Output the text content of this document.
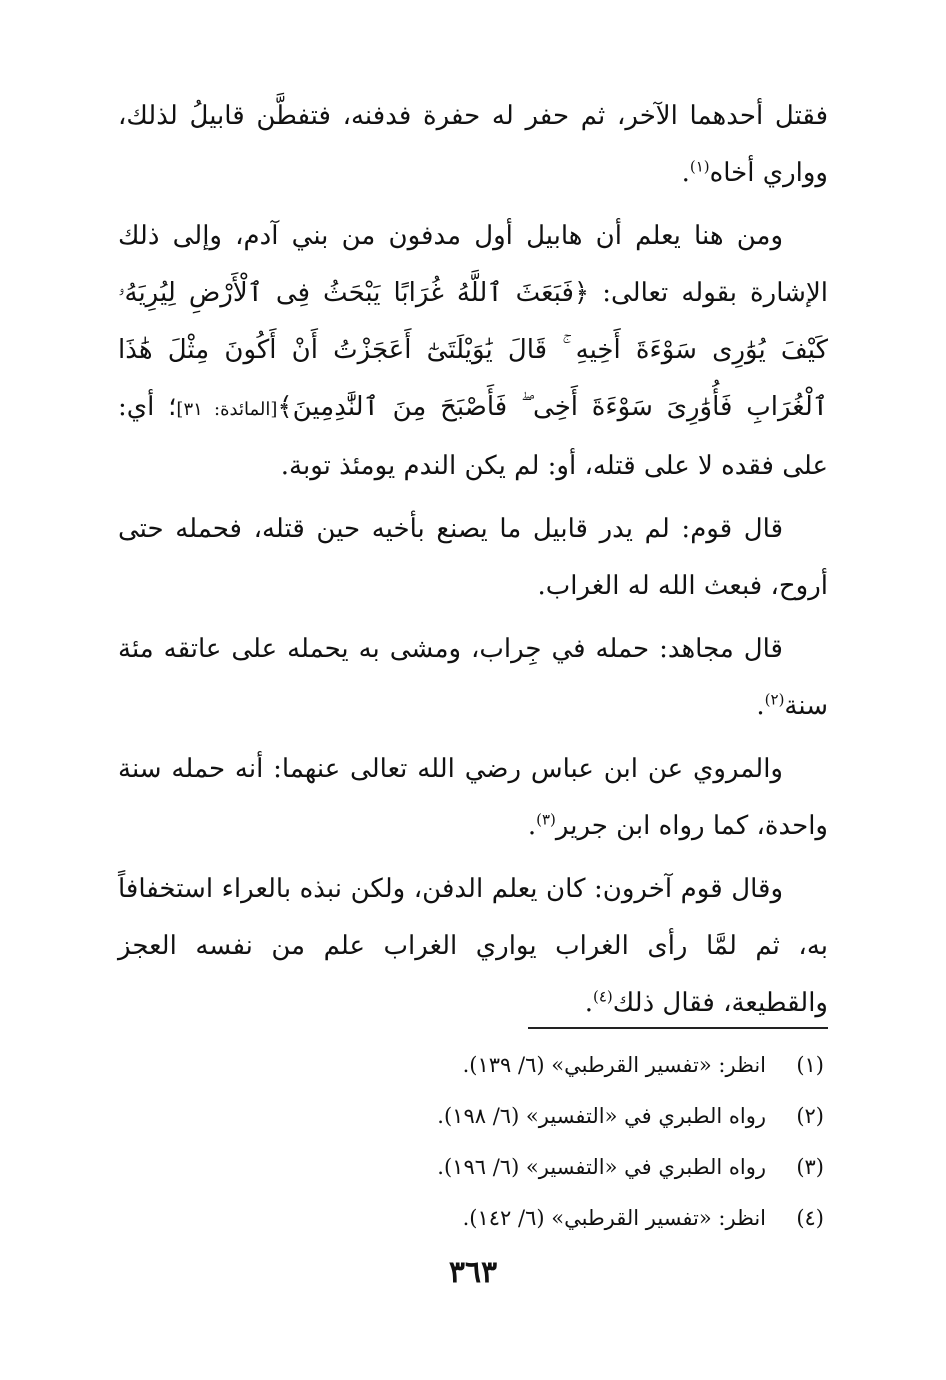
فقتل أحدهما الآخر، ثم حفر له حفرة فدفنه، فتفطَّن قابيلُ لذلك، وواري أخاه$^{(١)}$.

ومن هنا يعلم أن هابيل أول مدفون من بني آدم، وإلى ذلك الإشارة بقوله تعالى: ﴿فَبَعَثَ ٱللَّهُ غُرَابًا يَبْحَثُ فِى ٱلْأَرْضِ لِيُرِيَهُۥ كَيْفَ يُوَٰرِى سَوْءَةَ أَخِيهِ ۚ قَالَ يَٰوَيْلَتَىٰٓ أَعَجَزْتُ أَنْ أَكُونَ مِثْلَ هَٰذَا ٱلْغُرَابِ فَأُوَٰرِىَ سَوْءَةَ أَخِى ۖ فَأَصْبَحَ مِنَ ٱلنَّٰدِمِينَ﴾[المائدة: ٣١]؛ أي: على فقده لا على قتله، أو: لم يكن الندم يومئذ توبة.

قال قوم: لم يدر قابيل ما يصنع بأخيه حين قتله، فحمله حتى أروح، فبعث الله له الغراب.

قال مجاهد: حمله في جِراب، ومشى به يحمله على عاتقه مئة سنة$^{(٢)}$.

والمروي عن ابن عباس رضي الله تعالى عنهما: أنه حمله سنة واحدة، كما رواه ابن جرير$^{(٣)}$.

وقال قوم آخرون: كان يعلم الدفن، ولكن نبذه بالعراء استخفافاً به، ثم لمَّا رأى الغراب يواري الغراب علم من نفسه العجز والقطيعة، فقال ذلك$^{(٤)}$.

(١)انظر: «تفسير القرطبي» (٦/ ١٣٩).
(٢)رواه الطبري في «التفسير» (٦/ ١٩٨).
(٣)رواه الطبري في «التفسير» (٦/ ١٩٦).
(٤)انظر: «تفسير القرطبي» (٦/ ١٤٢).
٣٦٣
